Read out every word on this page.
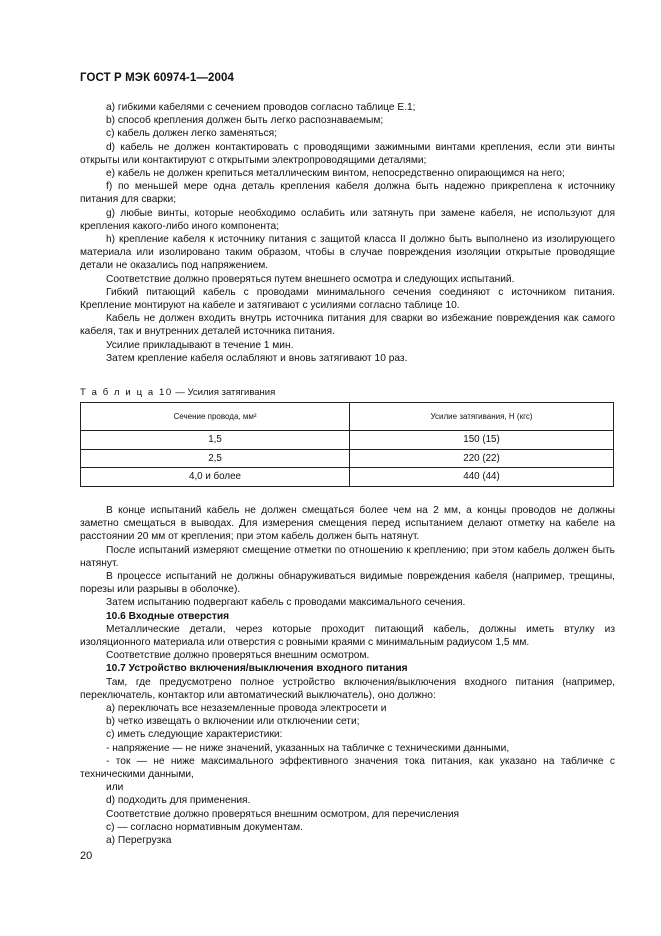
ГОСТ Р МЭК 60974-1—2004

а) гибкими кабелями с сечением проводов согласно таблице Е.1;

b) способ крепления должен быть легко распознаваемым;

c) кабель должен легко заменяться;

d) кабель не должен контактировать с проводящими зажимными винтами крепления, если эти винты открыты или контактируют с открытыми электропроводящими деталями;

е) кабель не должен крепиться металлическим винтом, непосредственно опирающимся на него;

f) по меньшей мере одна деталь крепления кабеля должна быть надежно прикреплена к источнику питания для сварки;

g) любые винты, которые необходимо ослабить или затянуть при замене кабеля, не используют для крепления какого-либо иного компонента;

h) крепление кабеля к источнику питания с защитой класса II должно быть выполнено из изолирующего материала или изолировано таким образом, чтобы в случае повреждения изоляции открытые проводящие детали не оказались под напряжением.

Соответствие должно проверяться путем внешнего осмотра и следующих испытаний.

Гибкий питающий кабель с проводами минимального сечения соединяют с источником питания. Крепление монтируют на кабеле и затягивают с усилиями согласно таблице 10.

Кабель не должен входить внутрь источника питания для сварки во избежание повреждения как самого кабеля, так и внутренних деталей источника питания.

Усилие прикладывают в течение 1 мин.

Затем крепление кабеля ослабляют и вновь затягивают 10 раз.

Т а б л и ц а 10 — Усилия затягивания
Сечение провода, мм²	Усилие затягивания, Н (кгс)
1,5	150 (15)
2,5	220 (22)
4,0 и более	440 (44)

В конце испытаний кабель не должен смещаться более чем на 2 мм, а концы проводов не должны заметно смещаться в выводах. Для измерения смещения перед испытанием делают отметку на кабеле на расстоянии 20 мм от крепления; при этом кабель должен быть натянут.

После испытаний измеряют смещение отметки по отношению к креплению; при этом кабель должен быть натянут.

В процессе испытаний не должны обнаруживаться видимые повреждения кабеля (например, трещины, порезы или разрывы в оболочке).

Затем испытанию подвергают кабель с проводами максимального сечения.

10.6 Входные отверстия

Металлические детали, через которые проходит питающий кабель, должны иметь втулку из изоляционного материала или отверстия с ровными краями с минимальным радиусом 1,5 мм.

Соответствие должно проверяться внешним осмотром.

10.7 Устройство включения/выключения входного питания

Там, где предусмотрено полное устройство включения/выключения входного питания (например, переключатель, контактор или автоматический выключатель), оно должно:

а) переключать все незаземленные провода электросети и

b) четко извещать о включении или отключении сети;

c) иметь следующие характеристики:

- напряжение — не ниже значений, указанных на табличке с техническими данными,

- ток — не ниже максимального эффективного значения тока питания, как указано на табличке с техническими данными,

или

d) подходить для применения.

Соответствие должно проверяться внешним осмотром, для перечисления

с) — согласно нормативным документам.

а) Перегрузка

20
